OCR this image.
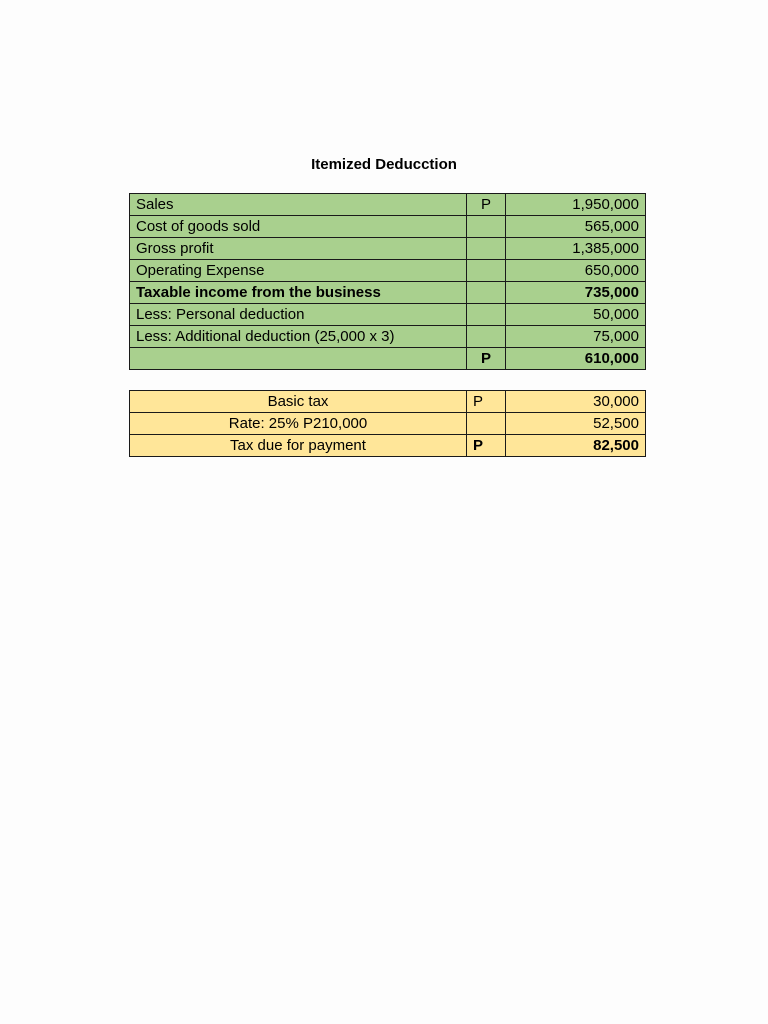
Itemized Deducction
Sales	P	1,950,000
Cost of goods sold		565,000
Gross profit		1,385,000
Operating Expense		650,000
Taxable income from the business		735,000
Less: Personal deduction		50,000
Less: Additional deduction (25,000 x 3)		75,000
	P	610,000
Basic tax	P	30,000
Rate: 25% P210,000		52,500
Tax due for payment	P	82,500
